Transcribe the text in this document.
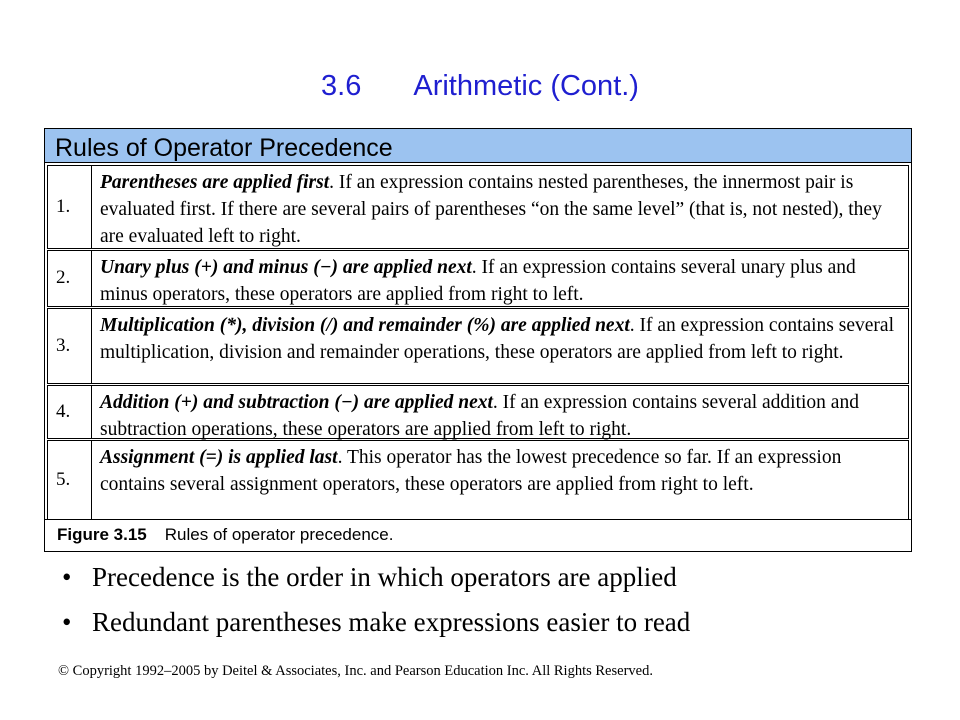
3.6 Arithmetic (Cont.)
Rules of Operator Precedence
1.
Parentheses are applied first. If an expression contains nested parentheses, the innermost pair is evaluated first. If there are several pairs of parentheses “on the same level” (that is, not nested), they are evaluated left to right.
2.	Unary plus (+) and minus (−) are applied next. If an expression contains several unary plus and minus operators, these operators are applied from right to left.
3.
Multiplication (*), division (/) and remainder (%) are applied next. If an expression contains several multiplication, division and remainder operations, these operators are applied from left to right.
4.	Addition (+) and subtraction (−) are applied next. If an expression contains several addition and subtraction operations, these operators are applied from left to right.
5.
Assignment (=) is applied last. This operator has the lowest precedence so far. If an expression contains several assignment operators, these operators are applied from right to left.
Figure 3.15 Rules of operator precedence.
• Precedence is the order in which operators are applied
• Redundant parentheses make expressions easier to read
© Copyright 1992–2005 by Deitel & Associates, Inc. and Pearson Education Inc. All Rights Reserved.
